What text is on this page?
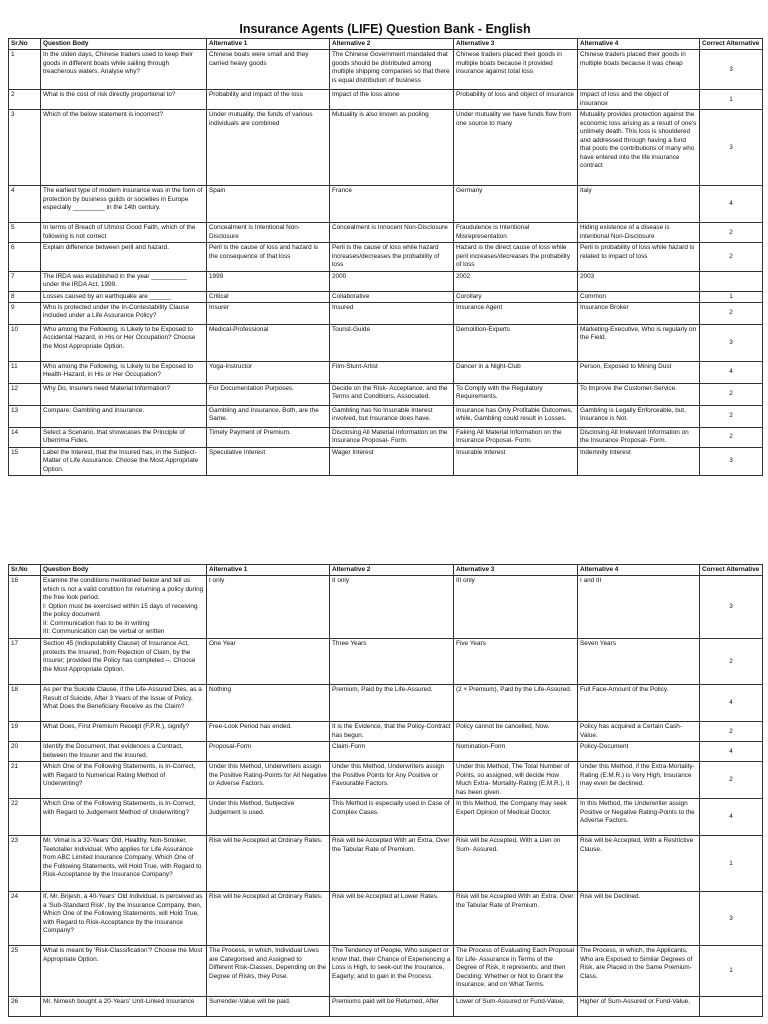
Insurance Agents (LIFE) Question Bank - English
Sr.No	Question Body	Alternative 1	Alternative 2	Alternative 3	Alternative 4	Correct Alternative
1	In the olden days, Chinese traders used to keep their goods in different boats while sailing through treacherous waters. Analyse why?	Chinese boats were small and they carried heavy goods	The Chinese Government mandated that goods should be distributed among multiple shipping companies so that there is equal distribution of business	Chinese traders placed their goods in multiple boats because it provided insurance against total loss	Chinese traders placed their goods in multiple boats because it was cheap	3
2	What is the cost of risk directly proportional to?	Probability and impact of the loss	Impact of the loss alone	Probability of loss and object of insurance	Impact of loss and the object of insurance	1
3	Which of the below statement is incorrect?	Under mutuality, the funds of various individuals are combined	Mutuality is also known as pooling	Under mutuality we have funds flow from one source to many	Mutuality provides protection against the economic loss arising as a result of one's untimely death. This loss is shouldered and addressed through having a fund that pools the contributions of many who have entered into the life insurance contract	3
4	The earliest type of modern insurance was in the form of protection by business guilds or societies in Europe especially _________ in the 14th century.	Spain	France	Germany	Italy	4
5	In terms of Breach of Utmost Good Faith, which of the following is not correct	Concealment is Intentional Non-Disclosure	Concealment is Innocent Non-Disclosure	Fraudulence is Intentional Misrepresentation	Hiding existence of a disease is intentional Non-Disclosure	2
6	Explain difference between peril and hazard.	Peril is the cause of loss and hazard is the consequence of that loss	Peril is the cause of loss while hazard increases/decreases the probability of loss	Hazard is the direct cause of loss while peril increases/decreases the probability of loss	Peril is probability of loss while hazard is related to impact of loss	2
7	The IRDA was established in the year __________ under the IRDA Act, 1999.	1999	2000	2002	2003	
8	Losses caused by an earthquake are ______	Critical	Collaborative	Corollary	Common	1
9	Who is protected under the In-Contestability Clause included under a Life Assurance Policy?	Insurer	Insured	Insurance Agent	Insurance Broker	2
10	Who among the Following, is Likely to be Exposed to Accidental Hazard, in His or Her Occupation? Choose the Most Appropriate Option.	Medical-Professional	Tourist-Guide	Demolition-Experts	Marketing-Executive, Who is regularly on the Field.	3
11	Who among the Following, is Likely to be Exposed to Health-Hazard, in His or Her Occupation?	Yoga-Instructor	Film-Stunt-Artist	Dancer in a Night-Club	Person, Exposed to Mining Dust	4
12	Why Do, Insurers need Material Information?	For Documentation Purposes.	Decide on the Risk- Acceptance, and the Terms and Conditions, Associated.	To Comply with the Regulatory Requirements.	To Improve the Customer-Service.	2
13	Compare: Gambling and Insurance.	Gambling and Insurance, Both, are the Same.	Gambling has No Insurable Interest involved, but Insurance does have.	Insurance has Only Profitable Outcomes, while, Gambling could result in Losses.	Gambling is Legally Enforceable, but, Insurance is Not.	2
14	Select a Scenario, that showcases the Principle of Uberrima Fides.	Timely Payment of Premium.	Disclosing All Material Information on the Insurance Proposal- Form.	Faking All Material Information on the Insurance Proposal- Form.	Disclosing All Irrelevant Information on the Insurance Proposal- Form.	2
15	Label the Interest, that the Insured has, in the Subject-Matter of Life Assurance. Choose the Most Appropriate Option.	Speculative Interest	Wager Interest	Insurable Interest	Indemnity Interest	3
Sr.No	Question Body	Alternative 1	Alternative 2	Alternative 3	Alternative 4	Correct Alternative
16	Examine the conditions mentioned below and tell us which is not a valid condition for returning a policy during the free look period.
I: Option must be exercised within 15 days of receiving the policy document
II: Communication has to be in writing
III: Communication can be verbal or written	I only	II only	III only	I and III	3
17	Section 45 (Indisputability Clause) of Insurance Act, protects the Insured, from Rejection of Claim, by the Insurer; provided the Policy has completed --. Choose the Most Appropriate Option.	One Year	Three Years	Five Years	Seven Years	2
18	As per the Suicide Clause, if the Life-Assured Dies, as a Result of Suicide, After 3 Years of the Issue of Policy, What Does the Beneficiary Receive as the Claim?	Nothing	Premium, Paid by the Life-Assured.	(2 × Premium), Paid by the Life-Assured.	Full Face-Amount of the Policy.	4
19	What Does, First Premium Receipt (F.P.R.), signify?	Free-Look Period has ended.	It is the Evidence, that the Policy-Contract has begun.	Policy cannot be cancelled, Now.	Policy has acquired a Certain Cash-Value.	2
20	Identify the Document, that evidences a Contract, between the Insurer and the Insured.	Proposal-Form	Claim-Form	Nomination-Form	Policy-Document	4
21	Which One of the Following Statements, is In-Correct, with Regard to Numerical Rating Method of Underwriting?	Under this Method, Underwriters assign the Positive Rating-Points for All Negative or Adverse Factors.	Under this Method, Underwriters assign the Positive Points for Any Positive or Favourable Factors.	Under this Method, The Total Number of Points, so assigned, will decide How Much Extra- Mortality-Rating (E.M.R.), it has been given.	Under this Method, if the Extra-Mortality-Rating (E.M.R.) is Very High, Insurance may even be declined.	2
22	Which One of the Following Statements, is In-Correct, with Regard to Judgement Method of Underwriting?	Under this Method, Subjective Judgement is used.	This Method is especially used in Case of Complex Cases.	In this Method, the Company may seek Expert Opinion of Medical Doctor.	In this Method, the Underwriter assign Positive or Negative Rating-Points to the Adverse Factors.	4
23	Mr. Vimal is a 32-Years' Old, Healthy, Non-Smoker, Teetotaller Individual; Who applies for Life Assurance from ABC Limited Insurance Company. Which One of the Following Statements, will Hold True, with Regard to Risk-Acceptance by the Insurance Company?	Risk will be Accepted at Ordinary Rates.	Risk will be Accepted With an Extra, Over the Tabular Rate of Premium.	Risk will be Accepted, With a Lien on Sum- Assured.	Risk will be Accepted, With a Restrictive Clause.	1
24	If, Mr. Brijesh, a 40-Years' Old Individual, is perceived as a 'Sub-Standard Risk', by the Insurance Company, then, Which One of the Following Statements, will Hold True, with Regard to Risk-Acceptance by the Insurance Company?	Risk will be Accepted at Ordinary Rates.	Risk will be Accepted at Lower Rates.	Risk will be Accepted With an Extra, Over the Tabular Rate of Premium.	Risk will be Declined.	3
25	What is meant by 'Risk-Classification'? Choose the Most Appropriate Option.	The Process, in which, Individual Lives are Categorised and Assigned to Different Risk-Classes, Depending on the Degree of Risks, they Pose.	The Tendency of People, Who suspect or know that, their Chance of Experiencing a Loss is High, to seek-out the Insurance, Eagerly; and to gain in the Process.	The Process of Evaluating Each Proposal for Life- Assurance in Terms of the Degree of Risk, it represents; and then Deciding: Whether or Not to Grant the Insurance, and on What Terms.	The Process, in which, the Applicants, Who are Exposed to Similar Degrees of Risk, are Placed in the Same Premium-Class.	1
26	Mr. Nimesh bought a 20-Years' Unit-Linked Insurance	Surrender-Value will be paid.	Premiums paid will be Returned, After	Lower of Sum-Assured or Fund-Value,	Higher of Sum-Assured or Fund-Value,	
